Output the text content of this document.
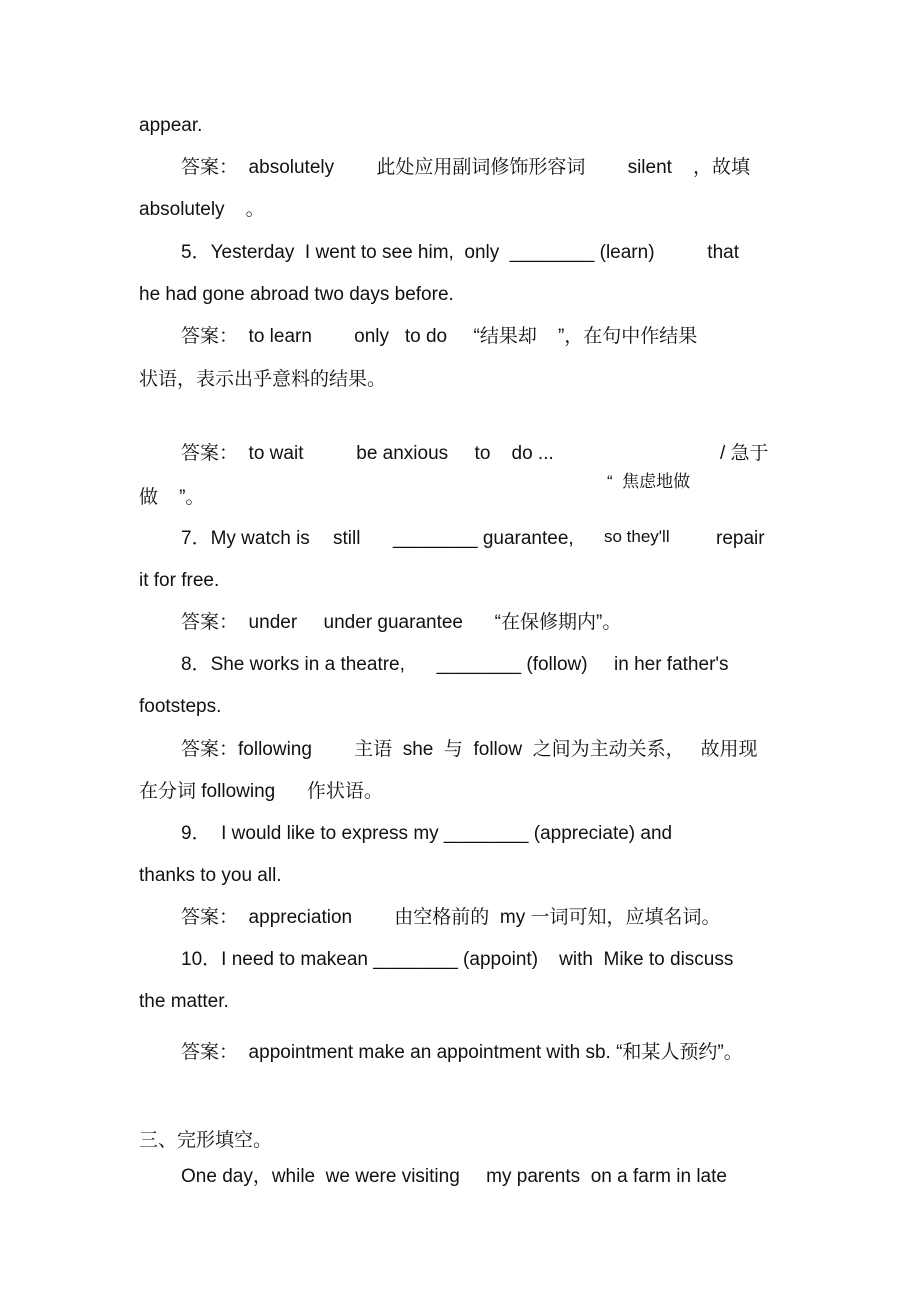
appear.
答案：  absolutely        此处应用副词修饰形容词        silent    ，故填
absolutely    。
5．Yesterday  I went to see him,  only  ________ (learn)          that
he had gone abroad two days before.
答案：  to learn        only   to do     “结果却    ”，在句中作结果
状语，表示出乎意料的结果。
答案：  to wait          be anxious     to    do ...	/ 急于
“  焦虑地做
做    ”。
7．My watch is still ________ guarantee, so they'll repair
it for free.
答案：  under     under guarantee      “在保修期内”。
8．She works in a theatre,      ________ (follow)     in her father's
footsteps.
答案：following        主语  she  与  follow  之间为主动关系，   故用现
在分词 following      作状语。
9．  I would like to express my ________ (appreciate) and
thanks to you all.
答案：  appreciation        由空格前的  my 一词可知，应填名词。
10．I need to makean ________ (appoint)    with  Mike to discuss
the matter.
答案：  appointment make an appointment with sb. “和某人预约”。
三、完形填空。
One day，while  we were visiting     my parents  on a farm in late
